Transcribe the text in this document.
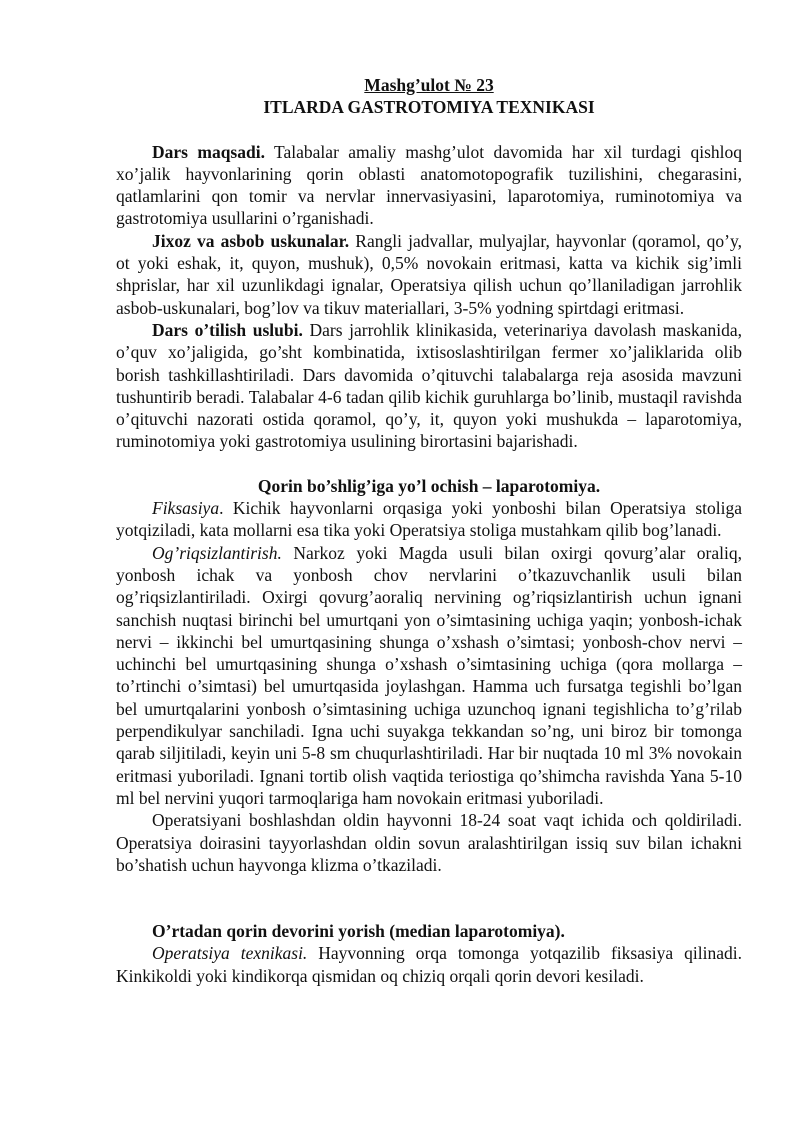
Mashg’ulot № 23
ITLARDA GASTROTOMIYA TEXNIKASI

Dars maqsadi. Talabalar amaliy mashg’ulot davomida har xil turdagi qishloq xo’jalik hayvonlarining qorin oblasti anatomotopografik tuzilishini, chegarasini, qatlamlarini qon tomir va nervlar innervasiyasini, laparotomiya, ruminotomiya va gastrotomiya usullarini o’rganishadi.

Jixoz va asbob uskunalar. Rangli jadvallar, mulyajlar, hayvonlar (qoramol, qo’y, ot yoki eshak, it, quyon, mushuk), 0,5% novokain eritmasi, katta va kichik sig’imli shprislar, har xil uzunlikdagi ignalar, Operatsiya qilish uchun qo’llaniladigan jarrohlik asbob-uskunalari, bog’lov va tikuv materiallari, 3-5% yodning spirtdagi eritmasi.

Dars o’tilish uslubi. Dars jarrohlik klinikasida, veterinariya davolash maskanida, o’quv xo’jaligida, go’sht kombinatida, ixtisoslashtirilgan fermer xo’jaliklarida olib borish tashkillashtiriladi. Dars davomida o’qituvchi talabalarga reja asosida mavzuni tushuntirib beradi. Talabalar 4-6 tadan qilib kichik guruhlarga bo’linib, mustaqil ravishda o’qituvchi nazorati ostida qoramol, qo’y, it, quyon yoki mushukda – laparotomiya, ruminotomiya yoki gastrotomiya usulining birortasini bajarishadi.

Qorin bo’shlig’iga yo’l ochish – laparotomiya.

Fiksasiya. Kichik hayvonlarni orqasiga yoki yonboshi bilan Operatsiya stoliga yotqiziladi, kata mollarni esa tika yoki Operatsiya stoliga mustahkam qilib bog’lanadi.

Og’riqsizlantirish. Narkoz yoki Magda usuli bilan oxirgi qovurg’alar oraliq, yonbosh ichak va yonbosh chov nervlarini o’tkazuvchanlik usuli bilan og’riqsizlantiriladi. Oxirgi qovurg’aoraliq nervining og’riqsizlantirish uchun ignani sanchish nuqtasi birinchi bel umurtqani yon o’simtasining uchiga yaqin; yonbosh-ichak nervi – ikkinchi bel umurtqasining shunga o’xshash o’simtasi; yonbosh-chov nervi – uchinchi bel umurtqasining shunga o’xshash o’simtasining uchiga (qora mollarga – to’rtinchi o’simtasi) bel umurtqasida joylashgan. Hamma uch fursatga tegishli bo’lgan bel umurtqalarini yonbosh o’simtasining uchiga uzunchoq ignani tegishlicha to’g’rilab perpendikulyar sanchiladi. Igna uchi suyakga tekkandan so’ng, uni biroz bir tomonga qarab siljitiladi, keyin uni 5-8 sm chuqurlashtiriladi. Har bir nuqtada 10 ml 3% novokain eritmasi yuboriladi. Ignani tortib olish vaqtida teriostiga qo’shimcha ravishda Yana 5-10 ml bel nervini yuqori tarmoqlariga ham novokain eritmasi yuboriladi.

Operatsiyani boshlashdan oldin hayvonni 18-24 soat vaqt ichida och qoldiriladi. Operatsiya doirasini tayyorlashdan oldin sovun aralashtirilgan issiq suv bilan ichakni bo’shatish uchun hayvonga klizma o’tkaziladi.

O’rtadan qorin devorini yorish (median laparotomiya).

Operatsiya texnikasi. Hayvonning orqa tomonga yotqazilib fiksasiya qilinadi. Kinkikoldi yoki kindikorqa qismidan oq chiziq orqali qorin devori kesiladi.
